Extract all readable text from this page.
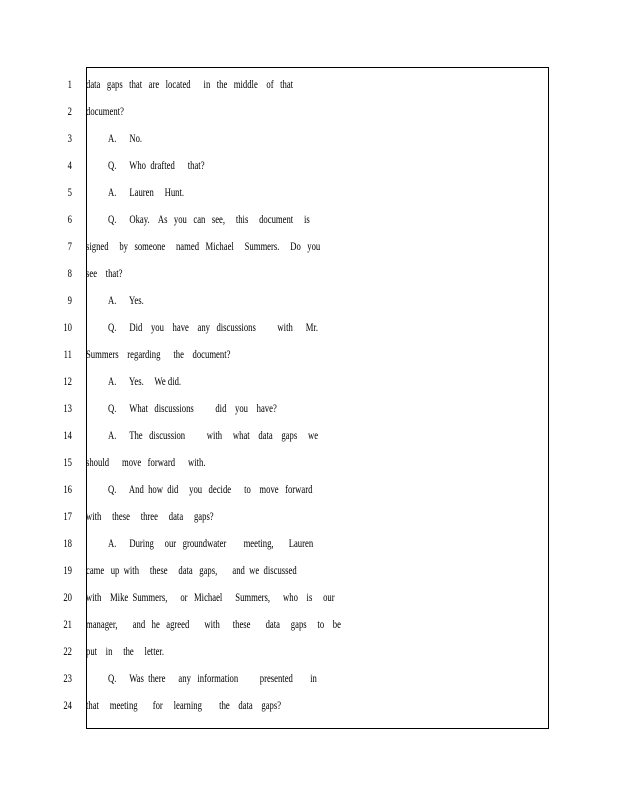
1
2
3
4
5
6
7
8
9
10
11
12
13
14
15
16
17
18
19
20
21
22
23
24
data   gaps   that   are   located      in   the   middle    of   that
document?
A.      No.
Q.      Who  drafted      that?
A.      Lauren     Hunt.
Q.      Okay.    As   you   can   see,     this     document     is
signed     by   someone     named   Michael     Summers.     Do   you
see    that?
A.      Yes.
Q.      Did    you    have    any   discussions          with      Mr.
Summers    regarding      the    document?
A.      Yes.     We did.
Q.      What   discussions          did    you    have?
A.      The   discussion          with     what    data    gaps     we
should      move   forward      with.
Q.      And  how  did     you   decide      to    move   forward
with     these     three     data     gaps?
A.      During     our   groundwater        meeting,       Lauren
came   up  with     these     data   gaps,       and  we  discussed
with    Mike  Summers,      or   Michael      Summers,      who    is     our
manager,       and   he   agreed       with      these       data     gaps     to    be
put    in     the     letter.
Q.      Was  there      any   information          presented        in
that     meeting       for     learning        the    data    gaps?
